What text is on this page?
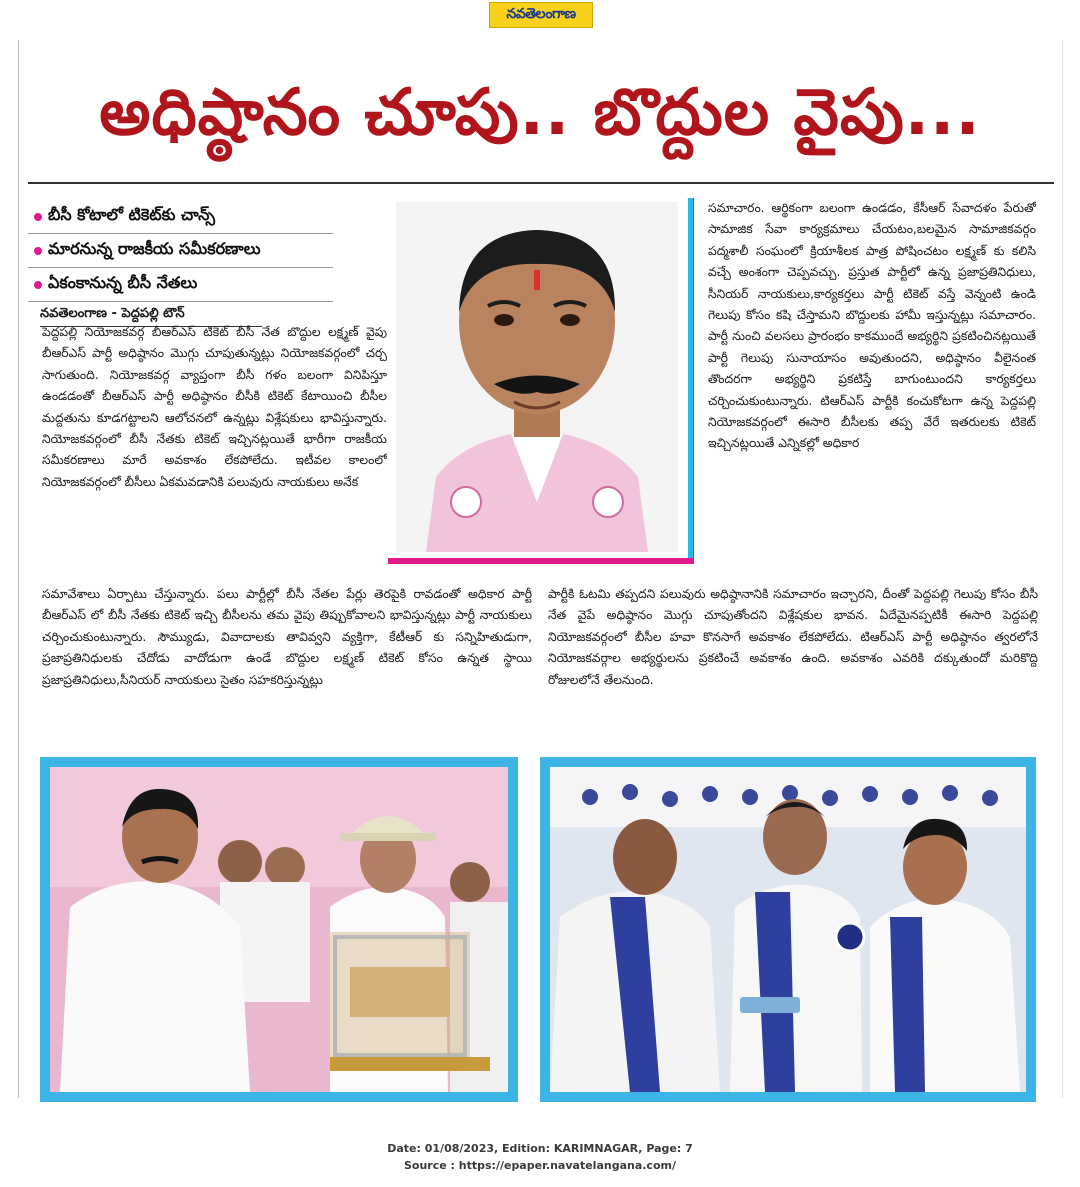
నవతెలంగాణ
అధిష్ఠానం చూపు.. బొద్దుల వైపు...
బీసీ కోటాలో టికెట్‌కు చాన్స్
మారనున్న రాజకీయ సమీకరణాలు
ఏకంకానున్న బీసీ నేతలు
నవతెలంగాణ - పెద్దపల్లి టౌన్

పెద్దపల్లి నియోజకవర్గ బీఆర్ఎస్ టికెట్ బీసీ నేత బొద్దుల లక్ష్మణ్ వైపు బీఆర్ఎస్ పార్టీ అధిష్ఠానం మొగ్గు చూపుతున్నట్లు నియోజకవర్గంలో చర్చ సాగుతుంది. నియోజకవర్గ వ్యాప్తంగా బీసీ గళం బలంగా వినిపిస్తూ ఉండడంతో బీఆర్ఎస్ పార్టీ అధిష్ఠానం బీసీకి టికెట్ కేటాయించి బీసీల మద్దతును కూడగట్టాలని ఆలోచనలో ఉన్నట్లు విశ్లేషకులు భావిస్తున్నారు. నియోజకవర్గంలో బీసీ నేతకు టికెట్ ఇచ్చినట్లయితే భారీగా రాజకీయ సమీకరణాలు మారే అవకాశం లేకపోలేదు. ఇటీవల కాలంలో నియోజకవర్గంలో బీసీలు ఏకమవడానికి పలువురు నాయకులు అనేక

సమాచారం. ఆర్థికంగా బలంగా ఉండడం, కేసీఆర్ సేవాదళం పేరుతో సామాజిక సేవా కార్యక్రమాలు చేయటం,బలమైన సామాజికవర్గం పద్మశాలీ సంఘంలో క్రియాశీలక పాత్ర పోషించటం లక్ష్మణ్ కు కలిసి వచ్చే అంశంగా చెప్పవచ్చు. ప్రస్తుత పార్టీలో ఉన్న ప్రజాప్రతినిధులు, సీనియర్ నాయకులు,కార్యకర్తలు పార్టీ టికెట్ వస్తే వెన్నంటి ఉండి గెలుపు కోసం కషి చేస్తామని బొద్దులకు హామీ ఇస్తున్నట్లు సమాచారం. పార్టీ నుంచి వలసలు ప్రారంభం కాకముందే అభ్యర్థిని ప్రకటించినట్లయితే పార్టీ గెలుపు సునాయాసం అవుతుందని, అధిష్ఠానం వీలైనంత తొందరగా అభ్యర్థిని ప్రకటిస్తే బాగుంటుందని కార్యకర్తలు చర్చించుకుంటున్నారు. టిఆర్ఎస్ పార్టీకి కంచుకోటగా ఉన్న పెద్దపల్లి నియోజకవర్గంలో ఈసారి బీసీలకు తప్ప వేరే ఇతరులకు టికెట్ ఇచ్చినట్లయితే ఎన్నికల్లో అధికార

సమావేశాలు ఏర్పాటు చేస్తున్నారు. పలు పార్టీల్లో బీసీ నేతల పేర్లు తెరపైకి రావడంతో అధికార పార్టీ బీఆర్ఎస్ లో బీసీ నేతకు టికెట్ ఇచ్చి బీసీలను తమ వైపు తిప్పుకోవాలని భావిస్తున్నట్లు పార్టీ నాయకులు చర్చించుకుంటున్నారు. సౌమ్యుడు, వివాదాలకు తావివ్వని వ్యక్తిగా, కేటీఆర్ కు సన్నిహితుడుగా, ప్రజాప్రతినిధులకు చేదోడు వాదోడుగా ఉండే బొద్దుల లక్ష్మణ్ టికెట్ కోసం ఉన్నత స్థాయి ప్రజాప్రతినిధులు,సీనియర్ నాయకులు సైతం సహకరిస్తున్నట్లు

పార్టీకి ఓటమి తప్పదని పలువురు అధిష్ఠానానికి సమాచారం ఇచ్చారని, దీంతో పెద్దపల్లి గెలుపు కోసం బీసీ నేత వైపే అధిష్ఠానం మొగ్గు చూపుతోందని విశ్లేషకుల భావన. ఏదేమైనప్పటికీ ఈసారి పెద్దపల్లి నియోజకవర్గంలో బీసీల హవా కొనసాగే అవకాశం లేకపోలేదు. టిఆర్ఎస్ పార్టీ అధిష్ఠానం త్వరలోనే నియోజకవర్గాల అభ్యర్థులను ప్రకటించే అవకాశం ఉంది. అవకాశం ఎవరికి దక్కుతుందో మరికొద్ది రోజులలోనే తేలనుంది.

Date: 01/08/2023, Edition: KARIMNAGAR, Page: 7
Source : https://epaper.navatelangana.com/
